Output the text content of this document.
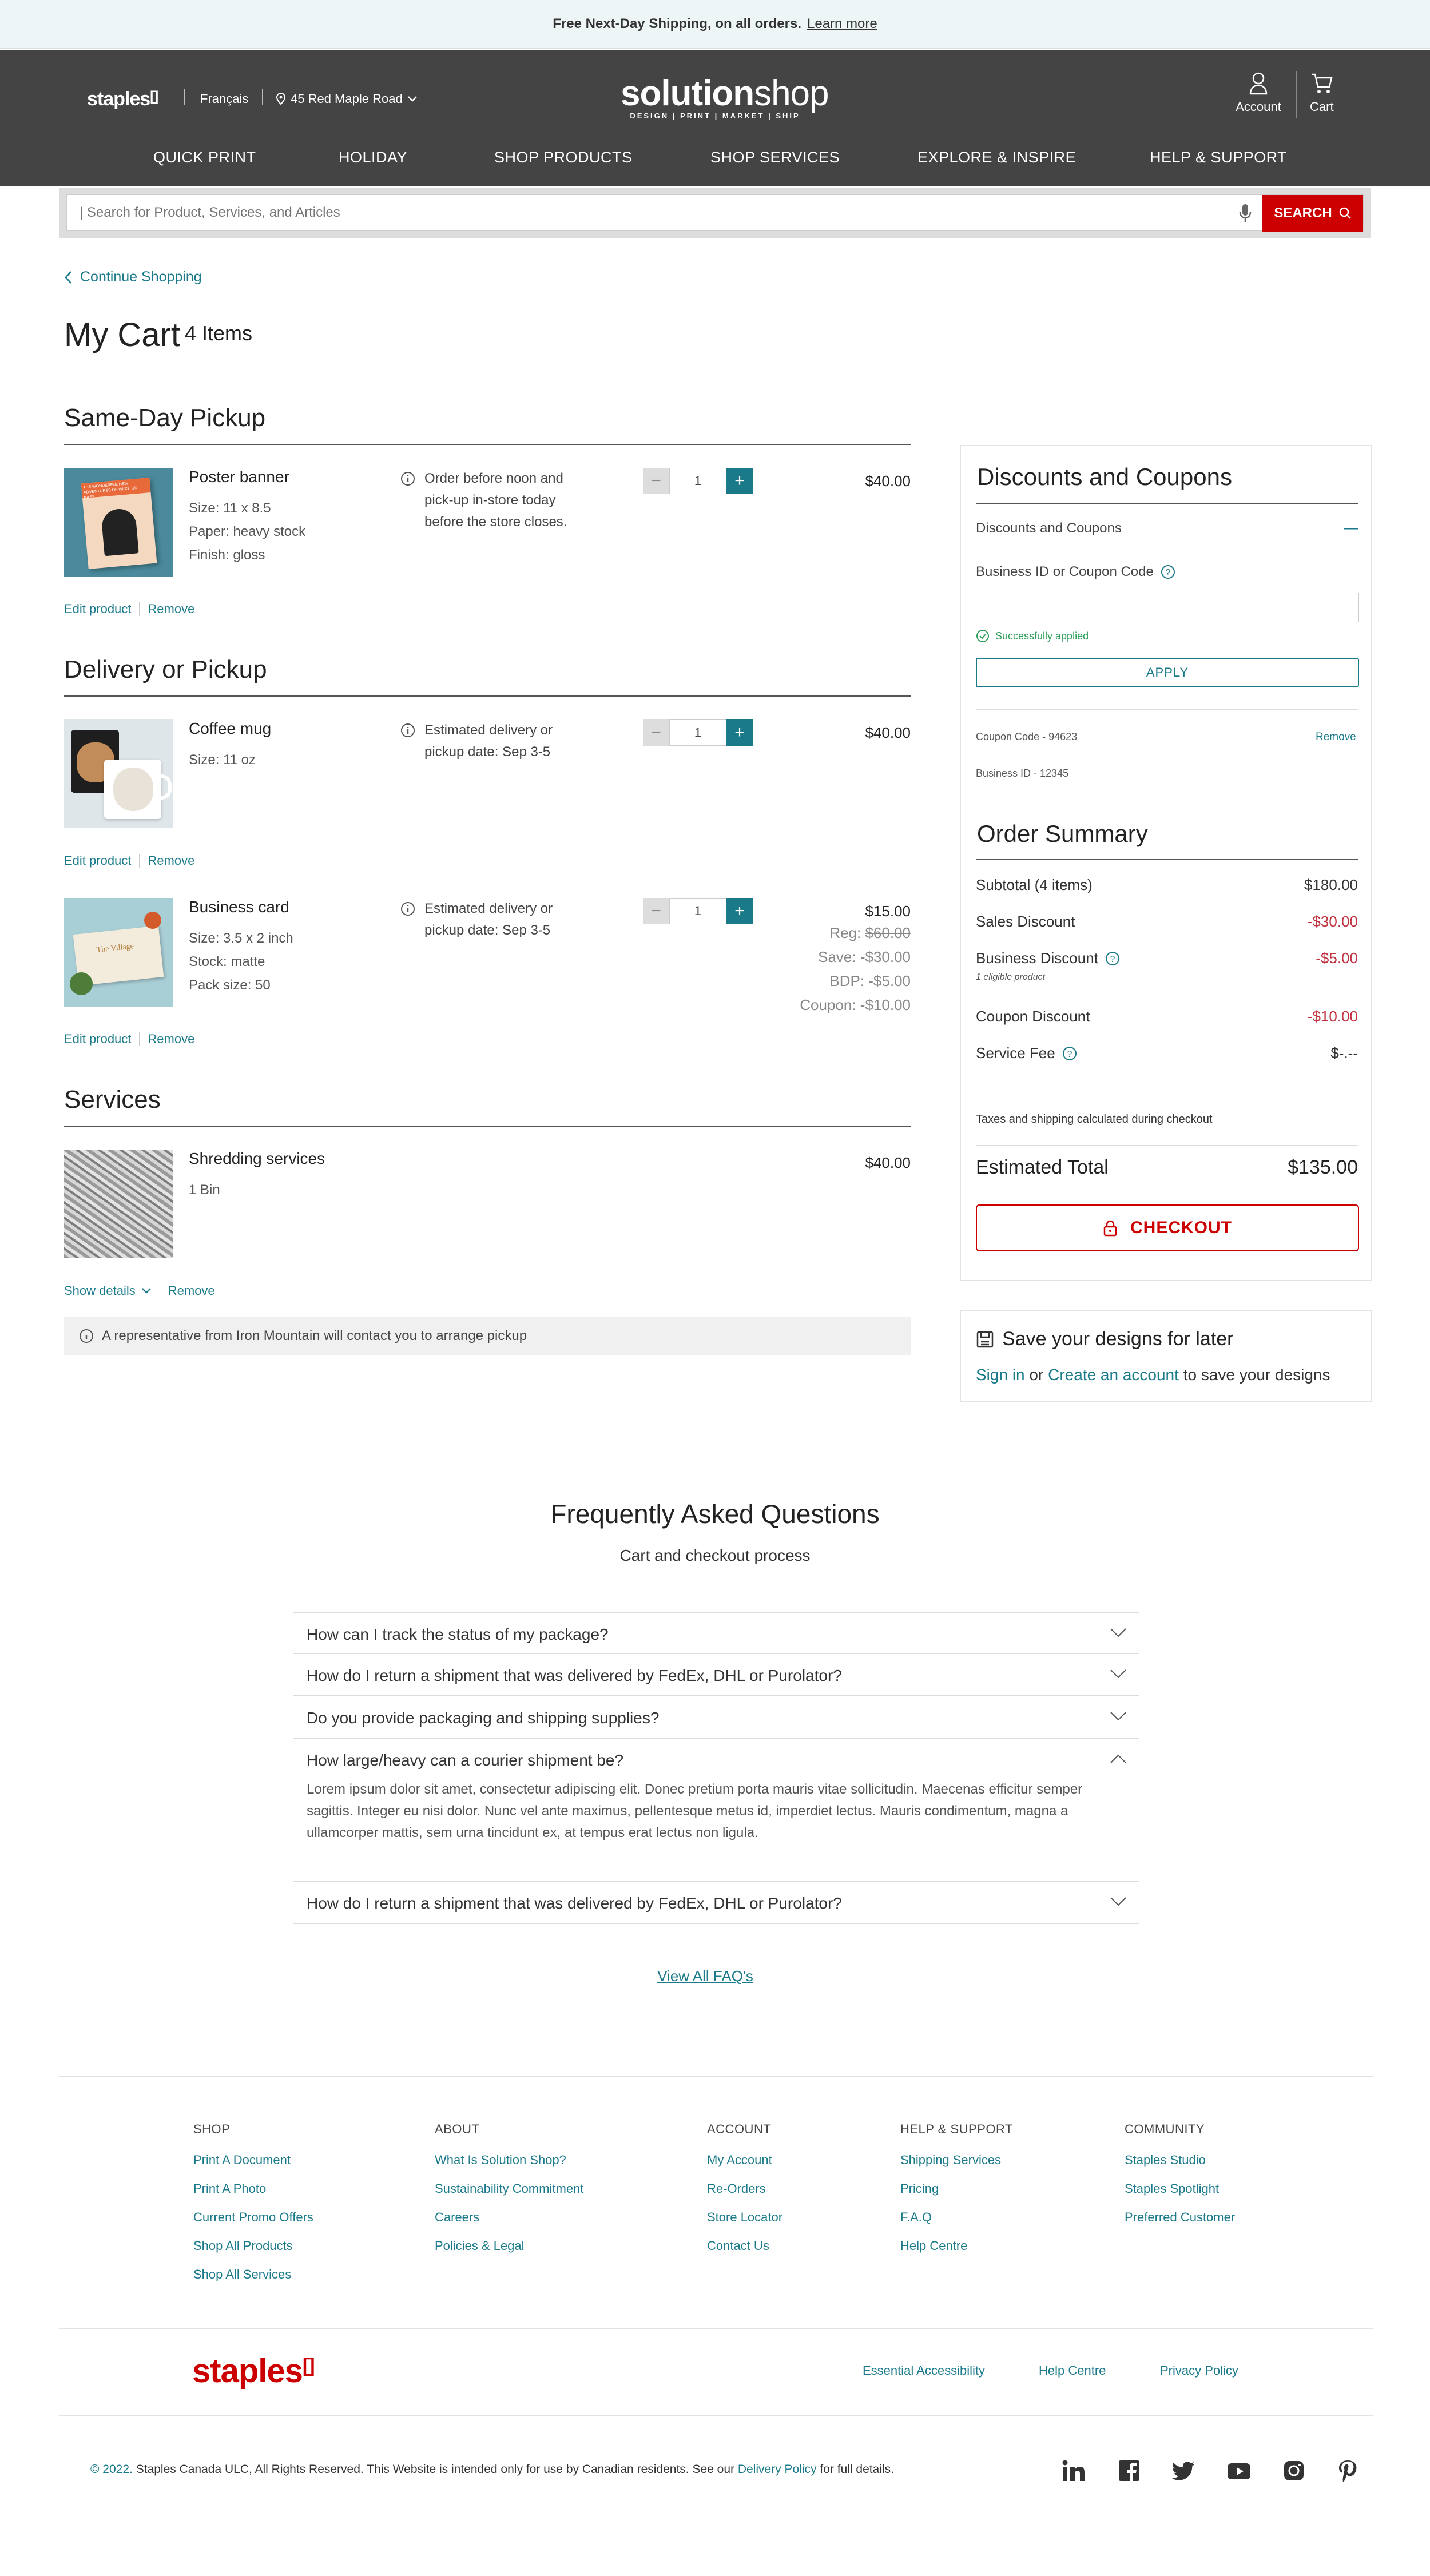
Free Next-Day Shipping, on all orders. Learn more
staples[]	Français	45 Red Maple Road	solutionshop
DESIGN | PRINT | MARKET | SHIP
Account	Cart
QUICK PRINT	HOLIDAY	SHOP PRODUCTS	SHOP SERVICES	EXPLORE & INSPIRE	HELP & SUPPORT
| Search for Product, Services, and Articles
SEARCH
Continue Shopping
My Cart 4 Items
Same-Day Pickup
THE WONDERFUL NEW ADVENTURES OF WINSTON KASS
Poster banner
Size: 11 x 8.5
Paper: heavy stock
Finish: gloss
Order before noon and pick-up in-store today before the store closes.
−	1	+	$40.00
Edit product Remove
Delivery or Pickup
Coffee mug
Size: 11 oz
Estimated delivery or pickup date: Sep 3-5
−	1	+	$40.00
Edit product Remove
The Village
Business card
Size: 3.5 x 2 inch
Stock: matte
Pack size: 50
Estimated delivery or pickup date: Sep 3-5
−	1	+	$15.00
Reg: $60.00
Save: -$30.00
BDP: -$5.00
Coupon: -$10.00
Edit product Remove
Services
Shredding services
1 Bin
$40.00
Show details	Remove
A representative from Iron Mountain will contact you to arrange pickup
Discounts and Coupons
Discounts and Coupons	—
Business ID or Coupon Code ?
Successfully applied
APPLY
Coupon Code - 94623	Remove
Business ID - 12345
Order Summary
Subtotal (4 items)	$180.00
Sales Discount	-$30.00
Business Discount ?	-$5.00
1 eligible product
Coupon Discount	-$10.00
Service Fee ?	$-.--
Taxes and shipping calculated during checkout
Estimated Total	$135.00
CHECKOUT
Save your designs for later
Sign in or Create an account to save your designs
Frequently Asked Questions
Cart and checkout process
How can I track the status of my package?
How do I return a shipment that was delivered by FedEx, DHL or Purolator?
Do you provide packaging and shipping supplies?
How large/heavy can a courier shipment be?
Lorem ipsum dolor sit amet, consectetur adipiscing elit. Donec pretium porta mauris vitae sollicitudin. Maecenas efficitur semper sagittis. Integer eu nisi dolor. Nunc vel ante maximus, pellentesque metus id, imperdiet lectus. Mauris condimentum, magna a ullamcorper mattis, sem urna tincidunt ex, at tempus erat lectus non ligula.
How do I return a shipment that was delivered by FedEx, DHL or Purolator?
View All FAQ's
SHOP
Print A Document
Print A Photo
Current Promo Offers
Shop All Products
Shop All Services
ABOUT
What Is Solution Shop?
Sustainability Commitment
Careers
Policies & Legal
ACCOUNT
My Account
Re-Orders
Store Locator
Contact Us
HELP & SUPPORT
Shipping Services
Pricing
F.A.Q
Help Centre
COMMUNITY
Staples Studio
Staples Spotlight
Preferred Customer
staples[]	Essential Accessibility	Help Centre	Privacy Policy
© 2022. Staples Canada ULC, All Rights Reserved. This Website is intended only for use by Canadian residents. See our Delivery Policy for full details.
